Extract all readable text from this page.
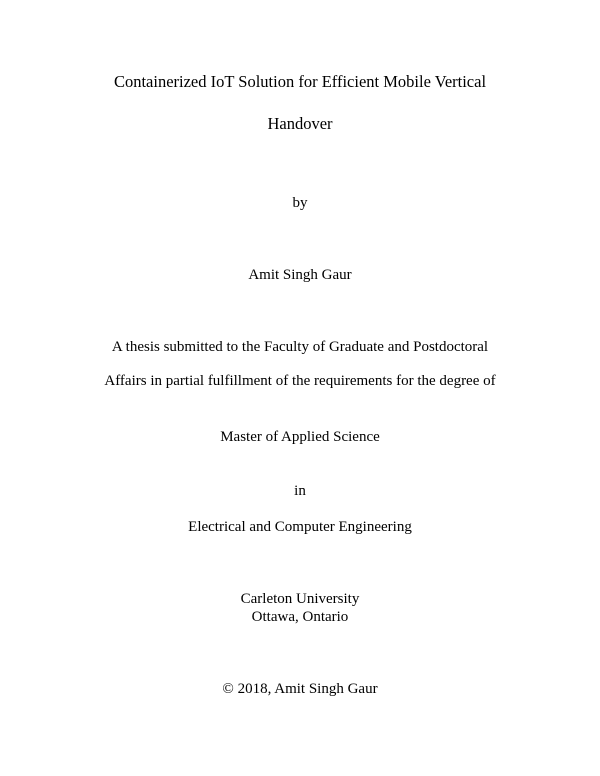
Containerized IoT Solution for Efficient Mobile Vertical
Handover
by
Amit Singh Gaur
A thesis submitted to the Faculty of Graduate and Postdoctoral
Affairs in partial fulfillment of the requirements for the degree of
Master of Applied Science
in
Electrical and Computer Engineering
Carleton University
Ottawa, Ontario
© 2018, Amit Singh Gaur
